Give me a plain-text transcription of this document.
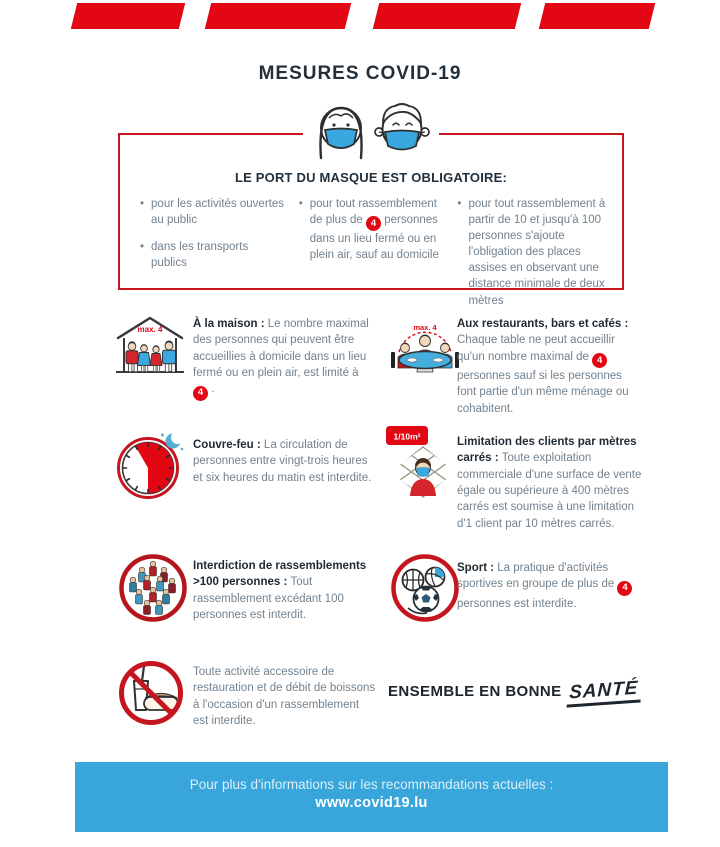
MESURES COVID-19
LE PORT DU MASQUE EST OBLIGATOIRE:
• pour les activités ouvertes au public
• dans les transports publics
• pour tout rassemblement de plus de 4 personnes dans un lieu fermé ou en plein air, sauf au domicile
• pour tout rassemblement à partir de 10 et jusqu'à 100 personnes s'ajoute l'obligation des places assises en observant une distance minimale de deux mètres
max. 4	À la maison : Le nombre maximal des personnes qui peuvent être accueillies à domicile dans un lieu fermé ou en plein air, est limité à 4 .

max. 4 Aux restaurants, bars et cafés : Chaque table ne peut accueillir qu'un nombre maximal de 4 personnes sauf si les personnes font partie d'un même ménage ou cohabitent.

Couvre-feu : La circulation de personnes entre vingt-trois heures et six heures du matin est interdite.

1/10m²	Limitation des clients par mètres carrés : Toute exploitation commerciale d'une surface de vente égale ou supérieure à 400 mètres carrés est soumise à une limitation d'1 client par 10 mètres carrés.

Interdiction de rassemblements >100 personnes : Tout rassemblement excédant 100 personnes est interdit.

Sport : La pratique d'activités sportives en groupe de plus de 4 personnes est interdite.

Toute activité accessoire de restauration et de débit de boissons à l'occasion d'un rassemblement est interdite.

ENSEMBLE EN BONNE SANTÉ
Pour plus d'informations sur les recommandations actuelles :
www.covid19.lu
